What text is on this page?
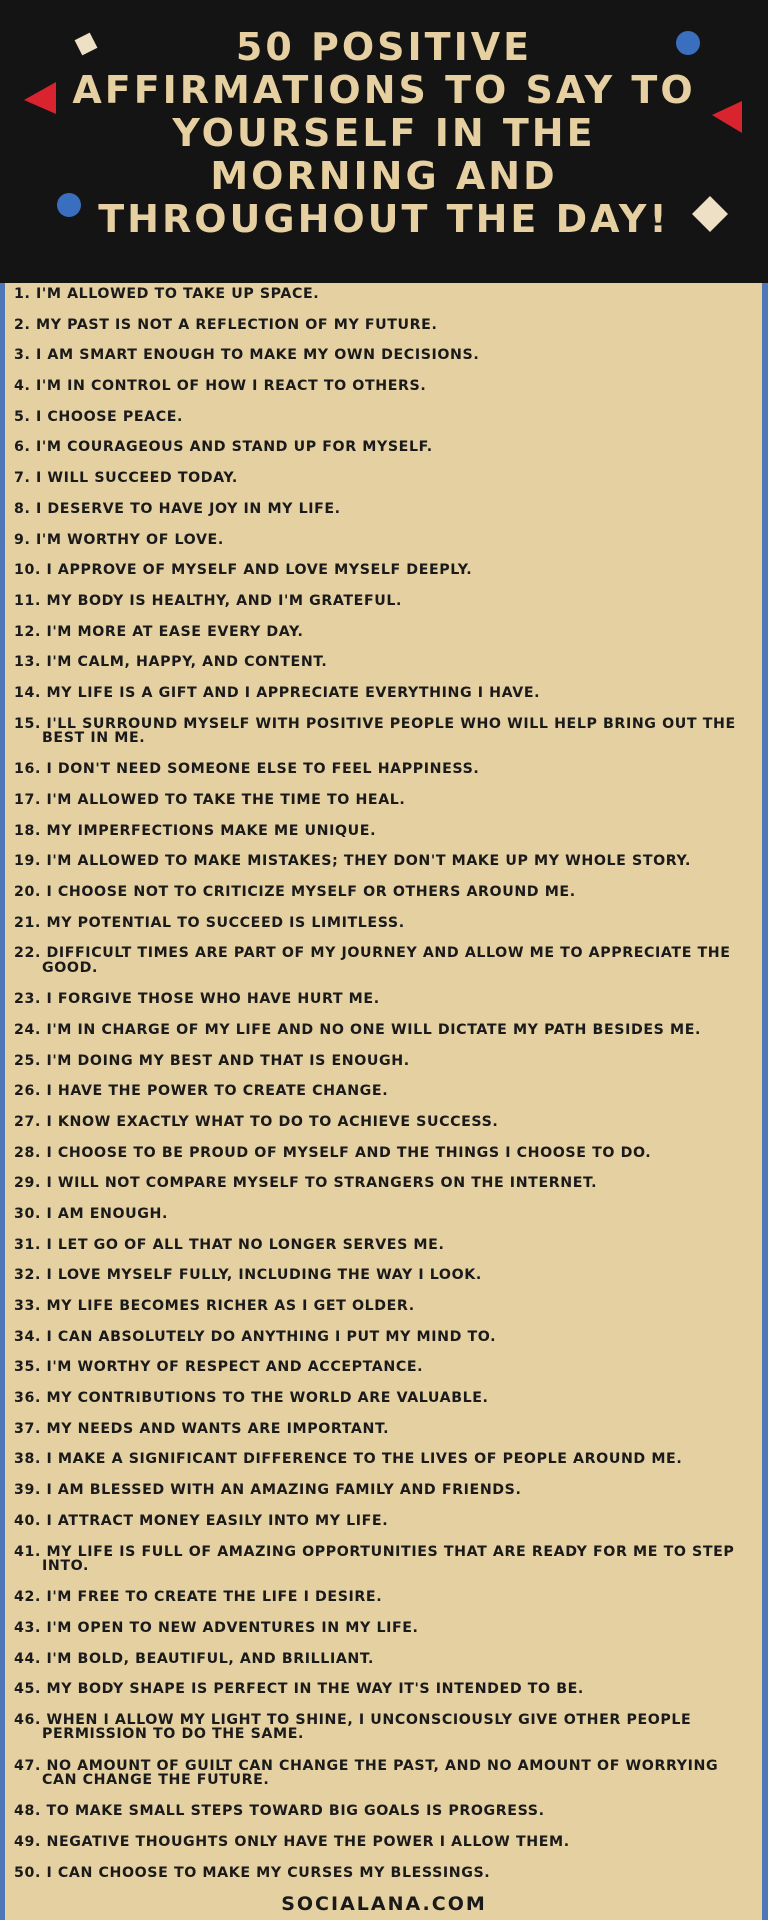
50 POSITIVE AFFIRMATIONS TO SAY TO YOURSELF IN THE MORNING AND THROUGHOUT THE DAY!
1. I'M ALLOWED TO TAKE UP SPACE.
2. MY PAST IS NOT A REFLECTION OF MY FUTURE.
3. I AM SMART ENOUGH TO MAKE MY OWN DECISIONS.
4. I'M IN CONTROL OF HOW I REACT TO OTHERS.
5. I CHOOSE PEACE.
6. I'M COURAGEOUS AND STAND UP FOR MYSELF.
7. I WILL SUCCEED TODAY.
8. I DESERVE TO HAVE JOY IN MY LIFE.
9. I'M WORTHY OF LOVE.
10. I APPROVE OF MYSELF AND LOVE MYSELF DEEPLY.
11. MY BODY IS HEALTHY, AND I'M GRATEFUL.
12. I'M MORE AT EASE EVERY DAY.
13. I'M CALM, HAPPY, AND CONTENT.
14. MY LIFE IS A GIFT AND I APPRECIATE EVERYTHING I HAVE.
15. I'LL SURROUND MYSELF WITH POSITIVE PEOPLE WHO WILL HELP BRING OUT THE BEST IN ME.
16. I DON'T NEED SOMEONE ELSE TO FEEL HAPPINESS.
17. I'M ALLOWED TO TAKE THE TIME TO HEAL.
18. MY IMPERFECTIONS MAKE ME UNIQUE.
19. I'M ALLOWED TO MAKE MISTAKES; THEY DON'T MAKE UP MY WHOLE STORY.
20. I CHOOSE NOT TO CRITICIZE MYSELF OR OTHERS AROUND ME.
21. MY POTENTIAL TO SUCCEED IS LIMITLESS.
22. DIFFICULT TIMES ARE PART OF MY JOURNEY AND ALLOW ME TO APPRECIATE THE GOOD.
23. I FORGIVE THOSE WHO HAVE HURT ME.
24. I'M IN CHARGE OF MY LIFE AND NO ONE WILL DICTATE MY PATH BESIDES ME.
25. I'M DOING MY BEST AND THAT IS ENOUGH.
26. I HAVE THE POWER TO CREATE CHANGE.
27. I KNOW EXACTLY WHAT TO DO TO ACHIEVE SUCCESS.
28. I CHOOSE TO BE PROUD OF MYSELF AND THE THINGS I CHOOSE TO DO.
29. I WILL NOT COMPARE MYSELF TO STRANGERS ON THE INTERNET.
30. I AM ENOUGH.
31. I LET GO OF ALL THAT NO LONGER SERVES ME.
32. I LOVE MYSELF FULLY, INCLUDING THE WAY I LOOK.
33. MY LIFE BECOMES RICHER AS I GET OLDER.
34. I CAN ABSOLUTELY DO ANYTHING I PUT MY MIND TO.
35. I'M WORTHY OF RESPECT AND ACCEPTANCE.
36. MY CONTRIBUTIONS TO THE WORLD ARE VALUABLE.
37. MY NEEDS AND WANTS ARE IMPORTANT.
38. I MAKE A SIGNIFICANT DIFFERENCE TO THE LIVES OF PEOPLE AROUND ME.
39. I AM BLESSED WITH AN AMAZING FAMILY AND FRIENDS.
40. I ATTRACT MONEY EASILY INTO MY LIFE.
41. MY LIFE IS FULL OF AMAZING OPPORTUNITIES THAT ARE READY FOR ME TO STEP INTO.
42. I'M FREE TO CREATE THE LIFE I DESIRE.
43. I'M OPEN TO NEW ADVENTURES IN MY LIFE.
44. I'M BOLD, BEAUTIFUL, AND BRILLIANT.
45. MY BODY SHAPE IS PERFECT IN THE WAY IT'S INTENDED TO BE.
46. WHEN I ALLOW MY LIGHT TO SHINE, I UNCONSCIOUSLY GIVE OTHER PEOPLE PERMISSION TO DO THE SAME.
47. NO AMOUNT OF GUILT CAN CHANGE THE PAST, AND NO AMOUNT OF WORRYING CAN CHANGE THE FUTURE.
48. TO MAKE SMALL STEPS TOWARD BIG GOALS IS PROGRESS.
49. NEGATIVE THOUGHTS ONLY HAVE THE POWER I ALLOW THEM.
50. I CAN CHOOSE TO MAKE MY CURSES MY BLESSINGS.
SOCIALANA.COM
